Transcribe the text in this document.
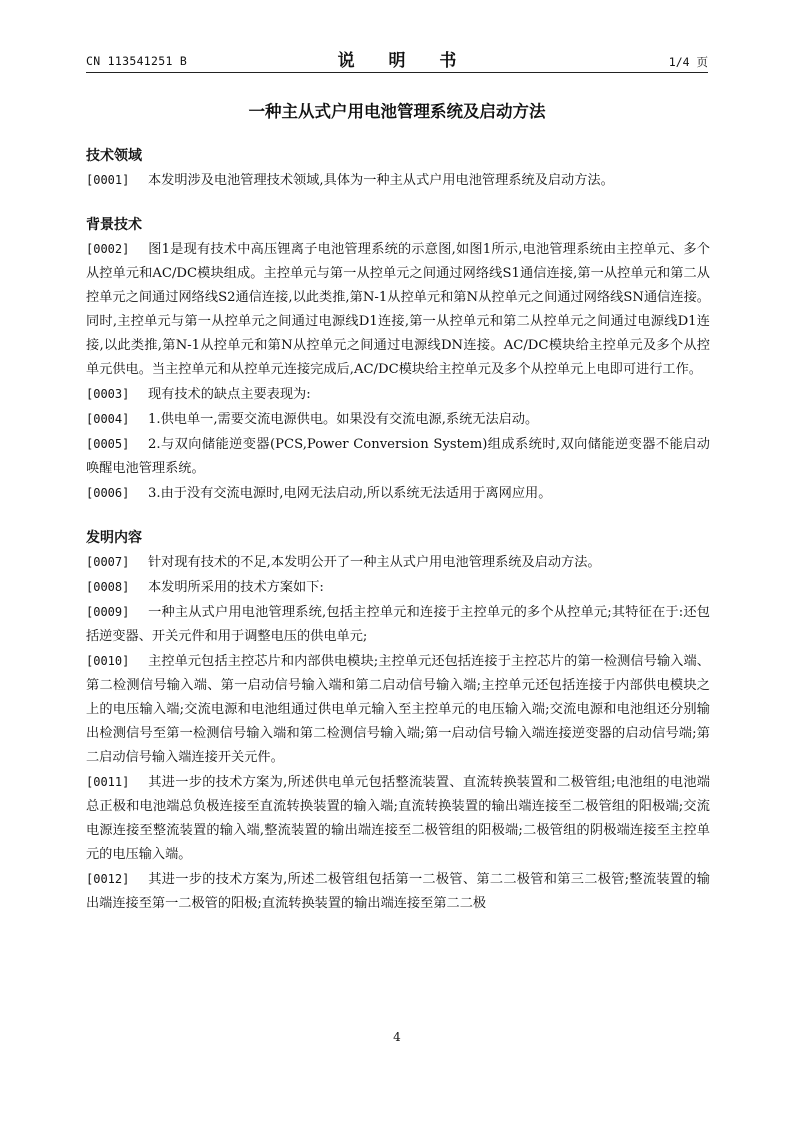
CN 113541251 B	说 明 书	1/4 页
一种主从式户用电池管理系统及启动方法
技术领域

[0001] 本发明涉及电池管理技术领域,具体为一种主从式户用电池管理系统及启动方法。

背景技术

[0002] 图1是现有技术中高压锂离子电池管理系统的示意图,如图1所示,电池管理系统由主控单元、多个从控单元和AC/DC模块组成。主控单元与第一从控单元之间通过网络线S1通信连接,第一从控单元和第二从控单元之间通过网络线S2通信连接,以此类推,第N-1从控单元和第N从控单元之间通过网络线SN通信连接。同时,主控单元与第一从控单元之间通过电源线D1连接,第一从控单元和第二从控单元之间通过电源线D1连接,以此类推,第N-1从控单元和第N从控单元之间通过电源线DN连接。AC/DC模块给主控单元及多个从控单元供电。当主控单元和从控单元连接完成后,AC/DC模块给主控单元及多个从控单元上电即可进行工作。

[0003] 现有技术的缺点主要表现为:

[0004] 1.供电单一,需要交流电源供电。如果没有交流电源,系统无法启动。

[0005] 2.与双向储能逆变器(PCS,Power Conversion System)组成系统时,双向储能逆变器不能启动唤醒电池管理系统。

[0006] 3.由于没有交流电源时,电网无法启动,所以系统无法适用于离网应用。

发明内容

[0007] 针对现有技术的不足,本发明公开了一种主从式户用电池管理系统及启动方法。

[0008] 本发明所采用的技术方案如下:

[0009] 一种主从式户用电池管理系统,包括主控单元和连接于主控单元的多个从控单元;其特征在于:还包括逆变器、开关元件和用于调整电压的供电单元;

[0010] 主控单元包括主控芯片和内部供电模块;主控单元还包括连接于主控芯片的第一检测信号输入端、第二检测信号输入端、第一启动信号输入端和第二启动信号输入端;主控单元还包括连接于内部供电模块之上的电压输入端;交流电源和电池组通过供电单元输入至主控单元的电压输入端;交流电源和电池组还分别输出检测信号至第一检测信号输入端和第二检测信号输入端;第一启动信号输入端连接逆变器的启动信号端;第二启动信号输入端连接开关元件。

[0011] 其进一步的技术方案为,所述供电单元包括整流装置、直流转换装置和二极管组;电池组的电池端总正极和电池端总负极连接至直流转换装置的输入端;直流转换装置的输出端连接至二极管组的阳极端;交流电源连接至整流装置的输入端,整流装置的输出端连接至二极管组的阳极端;二极管组的阴极端连接至主控单元的电压输入端。

[0012] 其进一步的技术方案为,所述二极管组包括第一二极管、第二二极管和第三二极管;整流装置的输出端连接至第一二极管的阳极;直流转换装置的输出端连接至第二二极

4
